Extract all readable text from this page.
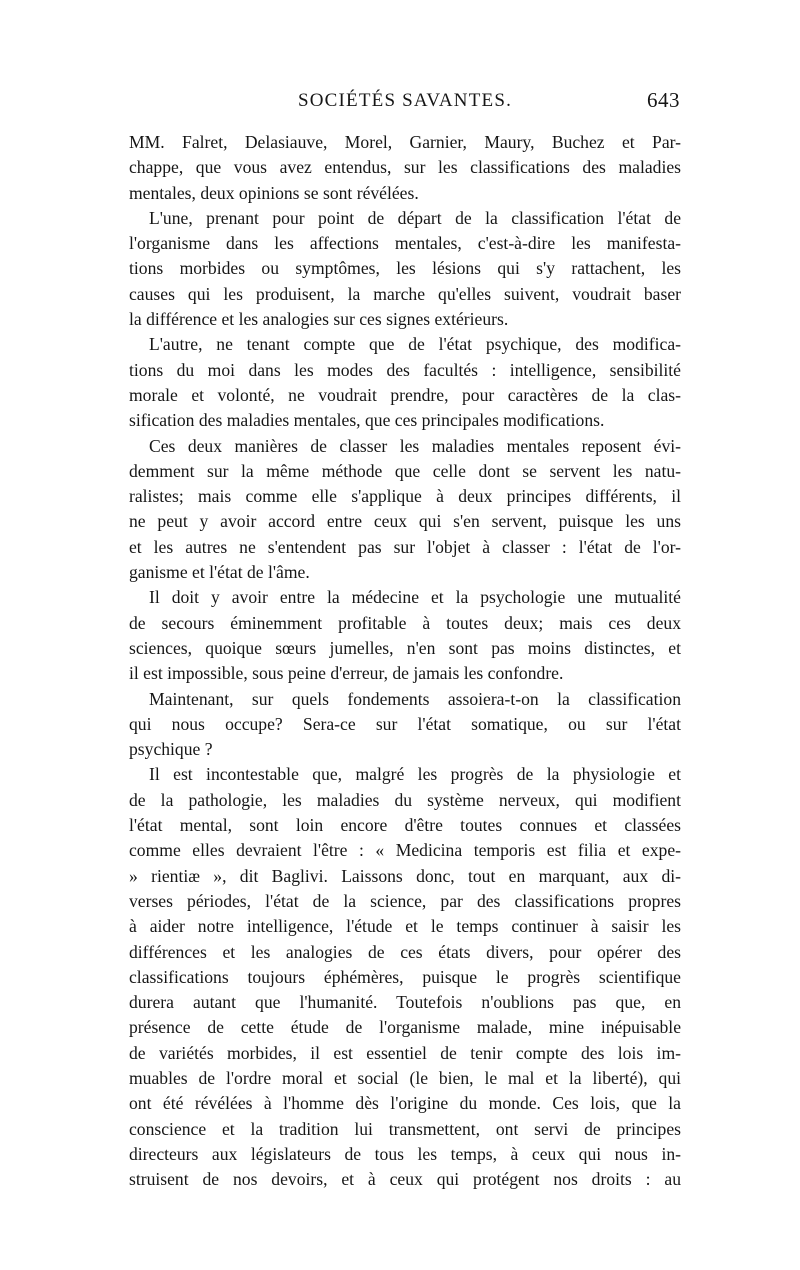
SOCIÉTÉS SAVANTES.	643
MM. Falret, Delasiauve, Morel, Garnier, Maury, Buchez et Par-
chappe, que vous avez entendus, sur les classifications des maladies
mentales, deux opinions se sont révélées.
L'une, prenant pour point de départ de la classification l'état de
l'organisme dans les affections mentales, c'est-à-dire les manifesta-
tions morbides ou symptômes, les lésions qui s'y rattachent, les
causes qui les produisent, la marche qu'elles suivent, voudrait baser
la différence et les analogies sur ces signes extérieurs.
L'autre, ne tenant compte que de l'état psychique, des modifica-
tions du moi dans les modes des facultés : intelligence, sensibilité
morale et volonté, ne voudrait prendre, pour caractères de la clas-
sification des maladies mentales, que ces principales modifications.
Ces deux manières de classer les maladies mentales reposent évi-
demment sur la même méthode que celle dont se servent les natu-
ralistes; mais comme elle s'applique à deux principes différents, il
ne peut y avoir accord entre ceux qui s'en servent, puisque les uns
et les autres ne s'entendent pas sur l'objet à classer : l'état de l'or-
ganisme et l'état de l'âme.
Il doit y avoir entre la médecine et la psychologie une mutualité
de secours éminemment profitable à toutes deux; mais ces deux
sciences, quoique sœurs jumelles, n'en sont pas moins distinctes, et
il est impossible, sous peine d'erreur, de jamais les confondre.
Maintenant, sur quels fondements assoiera-t-on la classification
qui nous occupe? Sera-ce sur l'état somatique, ou sur l'état
psychique ?
Il est incontestable que, malgré les progrès de la physiologie et
de la pathologie, les maladies du système nerveux, qui modifient
l'état mental, sont loin encore d'être toutes connues et classées
comme elles devraient l'être : « Medicina temporis est filia et expe-
» rientiæ », dit Baglivi. Laissons donc, tout en marquant, aux di-
verses périodes, l'état de la science, par des classifications propres
à aider notre intelligence, l'étude et le temps continuer à saisir les
différences et les analogies de ces états divers, pour opérer des
classifications toujours éphémères, puisque le progrès scientifique
durera autant que l'humanité. Toutefois n'oublions pas que, en
présence de cette étude de l'organisme malade, mine inépuisable
de variétés morbides, il est essentiel de tenir compte des lois im-
muables de l'ordre moral et social (le bien, le mal et la liberté), qui
ont été révélées à l'homme dès l'origine du monde. Ces lois, que la
conscience et la tradition lui transmettent, ont servi de principes
directeurs aux législateurs de tous les temps, à ceux qui nous in-
struisent de nos devoirs, et à ceux qui protégent nos droits : au
